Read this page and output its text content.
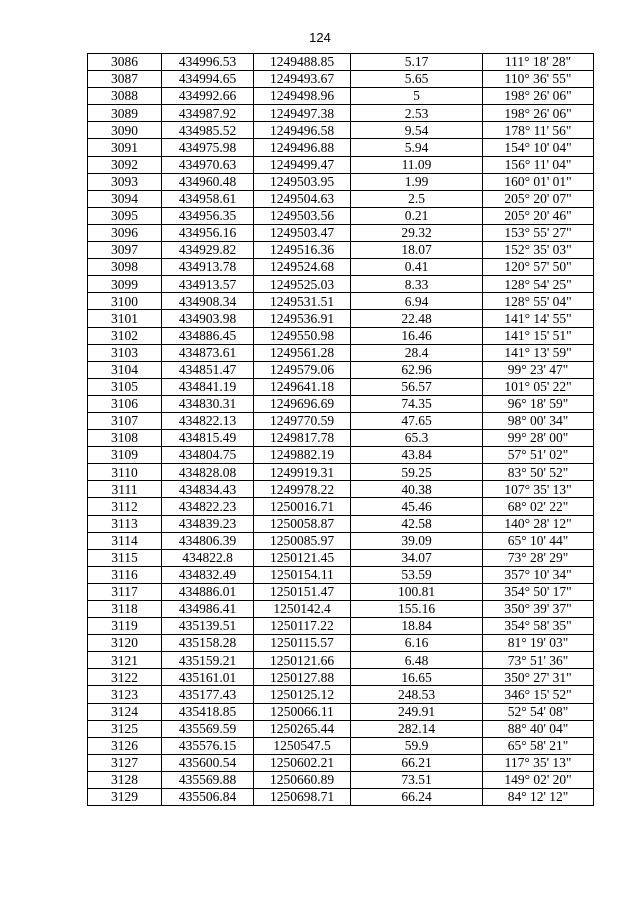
124
3086	434996.53	1249488.85	5.17	111° 18' 28"
3087	434994.65	1249493.67	5.65	110° 36' 55"
3088	434992.66	1249498.96	5	198° 26' 06"
3089	434987.92	1249497.38	2.53	198° 26' 06"
3090	434985.52	1249496.58	9.54	178° 11' 56"
3091	434975.98	1249496.88	5.94	154° 10' 04"
3092	434970.63	1249499.47	11.09	156° 11' 04"
3093	434960.48	1249503.95	1.99	160° 01' 01"
3094	434958.61	1249504.63	2.5	205° 20' 07"
3095	434956.35	1249503.56	0.21	205° 20' 46"
3096	434956.16	1249503.47	29.32	153° 55' 27"
3097	434929.82	1249516.36	18.07	152° 35' 03"
3098	434913.78	1249524.68	0.41	120° 57' 50"
3099	434913.57	1249525.03	8.33	128° 54' 25"
3100	434908.34	1249531.51	6.94	128° 55' 04"
3101	434903.98	1249536.91	22.48	141° 14' 55"
3102	434886.45	1249550.98	16.46	141° 15' 51"
3103	434873.61	1249561.28	28.4	141° 13' 59"
3104	434851.47	1249579.06	62.96	99° 23' 47"
3105	434841.19	1249641.18	56.57	101° 05' 22"
3106	434830.31	1249696.69	74.35	96° 18' 59"
3107	434822.13	1249770.59	47.65	98° 00' 34"
3108	434815.49	1249817.78	65.3	99° 28' 00"
3109	434804.75	1249882.19	43.84	57° 51' 02"
3110	434828.08	1249919.31	59.25	83° 50' 52"
3111	434834.43	1249978.22	40.38	107° 35' 13"
3112	434822.23	1250016.71	45.46	68° 02' 22"
3113	434839.23	1250058.87	42.58	140° 28' 12"
3114	434806.39	1250085.97	39.09	65° 10' 44"
3115	434822.8	1250121.45	34.07	73° 28' 29"
3116	434832.49	1250154.11	53.59	357° 10' 34"
3117	434886.01	1250151.47	100.81	354° 50' 17"
3118	434986.41	1250142.4	155.16	350° 39' 37"
3119	435139.51	1250117.22	18.84	354° 58' 35"
3120	435158.28	1250115.57	6.16	81° 19' 03"
3121	435159.21	1250121.66	6.48	73° 51' 36"
3122	435161.01	1250127.88	16.65	350° 27' 31"
3123	435177.43	1250125.12	248.53	346° 15' 52"
3124	435418.85	1250066.11	249.91	52° 54' 08"
3125	435569.59	1250265.44	282.14	88° 40' 04"
3126	435576.15	1250547.5	59.9	65° 58' 21"
3127	435600.54	1250602.21	66.21	117° 35' 13"
3128	435569.88	1250660.89	73.51	149° 02' 20"
3129	435506.84	1250698.71	66.24	84° 12' 12"
